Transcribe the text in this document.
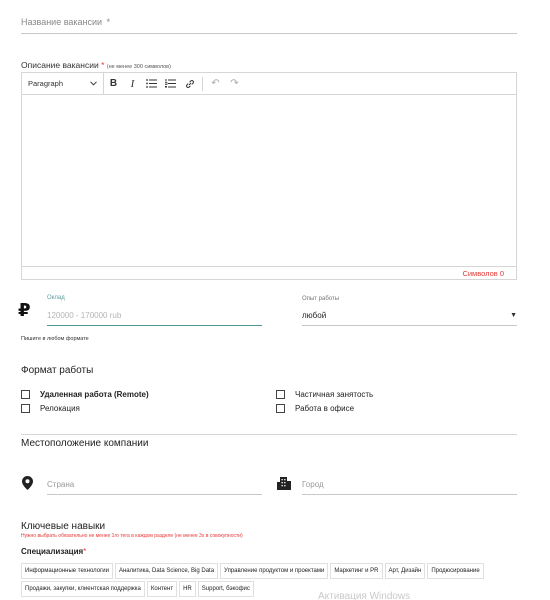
Название вакансии *
Описание вакансии * (не менее 300 символов)
Paragraph	B	I	↶	↷
Символов 0
₽
Оклад
120000 - 170000 rub
Пишите в любом формате
Опыт работы
любой	▼
Формат работы
Удаленная работа (Remote)	Частичная занятость
Релокация	Работа в офисе
Местоположение компании
Страна	Город
Ключевые навыки
Нужно выбрать обязательно не менее 1го тега в каждом разделе (не менее 3х в совокупности)
Специализация*
Информационные технологии	Аналитика, Data Science, Big Data	Управление продуктом и проектами	Маркетинг и PR	Арт, Дизайн	Продюсирование
Продажи, закупки, клиентская поддержка	Контент	HR	Support, бэкофис
Активация Windows
